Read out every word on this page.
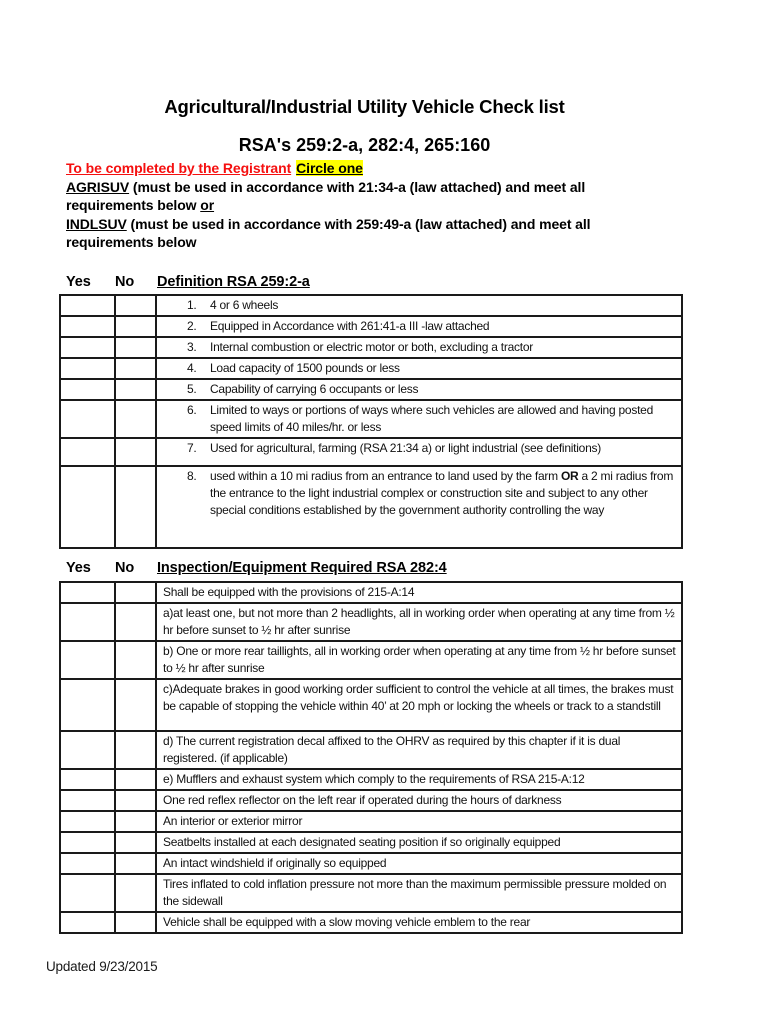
Agricultural/Industrial Utility Vehicle Check list
RSA's 259:2-a, 282:4, 265:160
To be completed by the Registrant Circle one
AGRISUV (must be used in accordance with 21:34-a (law attached) and meet all
requirements below or
INDLSUV (must be used in accordance with 259:49-a (law attached) and meet all
requirements below
Yes	No	Definition RSA 259:2-a

		1. 4 or 6 wheels

		2. Equipped in Accordance with 261:41-a III -law attached

		3. Internal combustion or electric motor or both, excluding a tractor

		4. Load capacity of 1500 pounds or less

		5. Capability of carrying 6 occupants or less

		6. Limited to ways or portions of ways where such vehicles are allowed and having posted speed limits of 40 miles/hr. or less

		7. Used for agricultural, farming (RSA 21:34 a) or light industrial (see definitions)

		8. used within a 10 mi radius from an entrance to land used by the farm OR a 2 mi radius from the entrance to the light industrial complex or construction site and subject to any other special conditions established by the government authority controlling the way
Yes	No	Inspection/Equipment Required RSA 282:4
		Shall be equipped with the provisions of 215-A:14
		a)at least one, but not more than 2 headlights, all in working order when operating at any time from ½ hr before sunset to ½ hr after sunrise
		b) One or more rear taillights, all in working order when operating at any time from ½ hr before sunset to ½ hr after sunrise
		c)Adequate brakes in good working order sufficient to control the vehicle at all times, the brakes must be capable of stopping the vehicle within 40’ at 20 mph or locking the wheels or track to a standstill
		d) The current registration decal affixed to the OHRV as required by this chapter if it is dual registered. (if applicable)
		e) Mufflers and exhaust system which comply to the requirements of RSA 215-A:12
		One red reflex reflector on the left rear if operated during the hours of darkness
		An interior or exterior mirror
		Seatbelts installed at each designated seating position if so originally equipped
		An intact windshield if originally so equipped
		Tires inflated to cold inflation pressure not more than the maximum permissible pressure molded on the sidewall
		Vehicle shall be equipped with a slow moving vehicle emblem to the rear
Updated 9/23/2015
